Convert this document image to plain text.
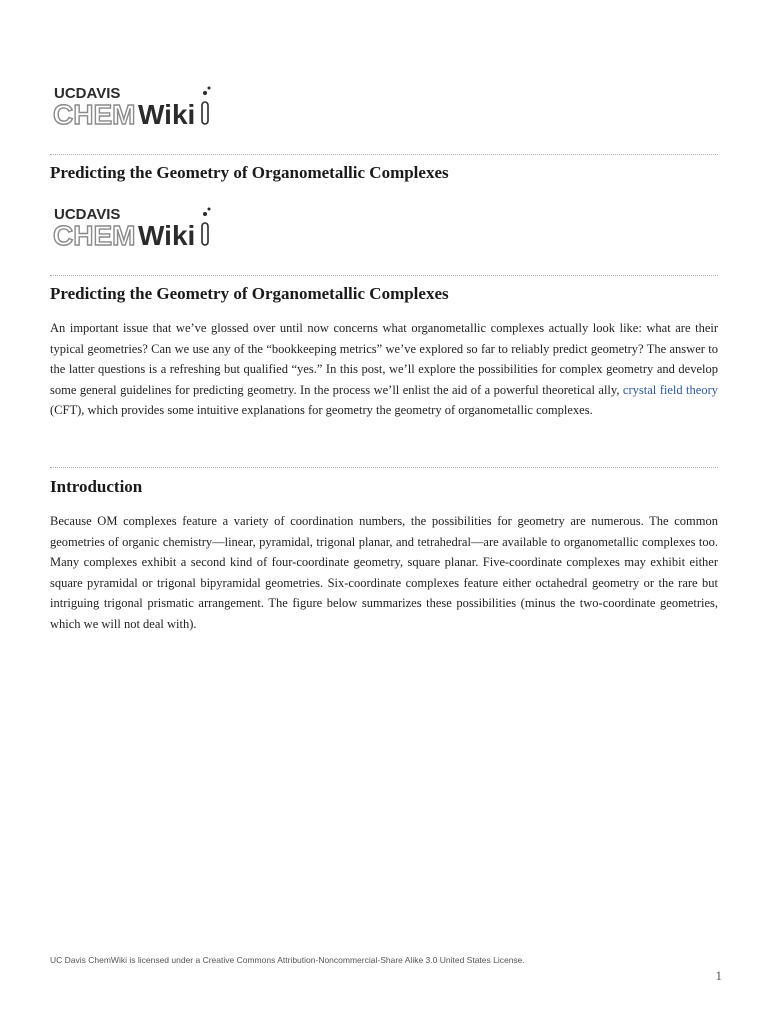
UCDAVIS
CHEM Wiki
Predicting the Geometry of Organometallic Complexes
UCDAVIS
CHEM Wiki
Predicting the Geometry of Organometallic Complexes

An important issue that we’ve glossed over until now concerns what organometallic complexes actually look like: what are their typical geometries? Can we use any of the “bookkeeping metrics” we’ve explored so far to reliably predict geometry? The answer to the latter questions is a refreshing but qualified “yes.” In this post, we’ll explore the possibilities for complex geometry and develop some general guidelines for predicting geometry. In the process we’ll enlist the aid of a powerful theoretical ally, crystal field theory (CFT), which provides some intuitive explanations for geometry the geometry of organometallic complexes.

Introduction

Because OM complexes feature a variety of coordination numbers, the possibilities for geometry are numerous. The common geometries of organic chemistry—linear, pyramidal, trigonal planar, and tetrahedral—are available to organometallic complexes too. Many complexes exhibit a second kind of four-coordinate geometry, square planar. Five-coordinate complexes may exhibit either square pyramidal or trigonal bipyramidal geometries. Six-coordinate complexes feature either octahedral geometry or the rare but intriguing trigonal prismatic arrangement. The figure below summarizes these possibilities (minus the two-coordinate geometries, which we will not deal with).

UC Davis ChemWiki is licensed under a Creative Commons Attribution-Noncommercial-Share Alike 3.0 United States License.
1
